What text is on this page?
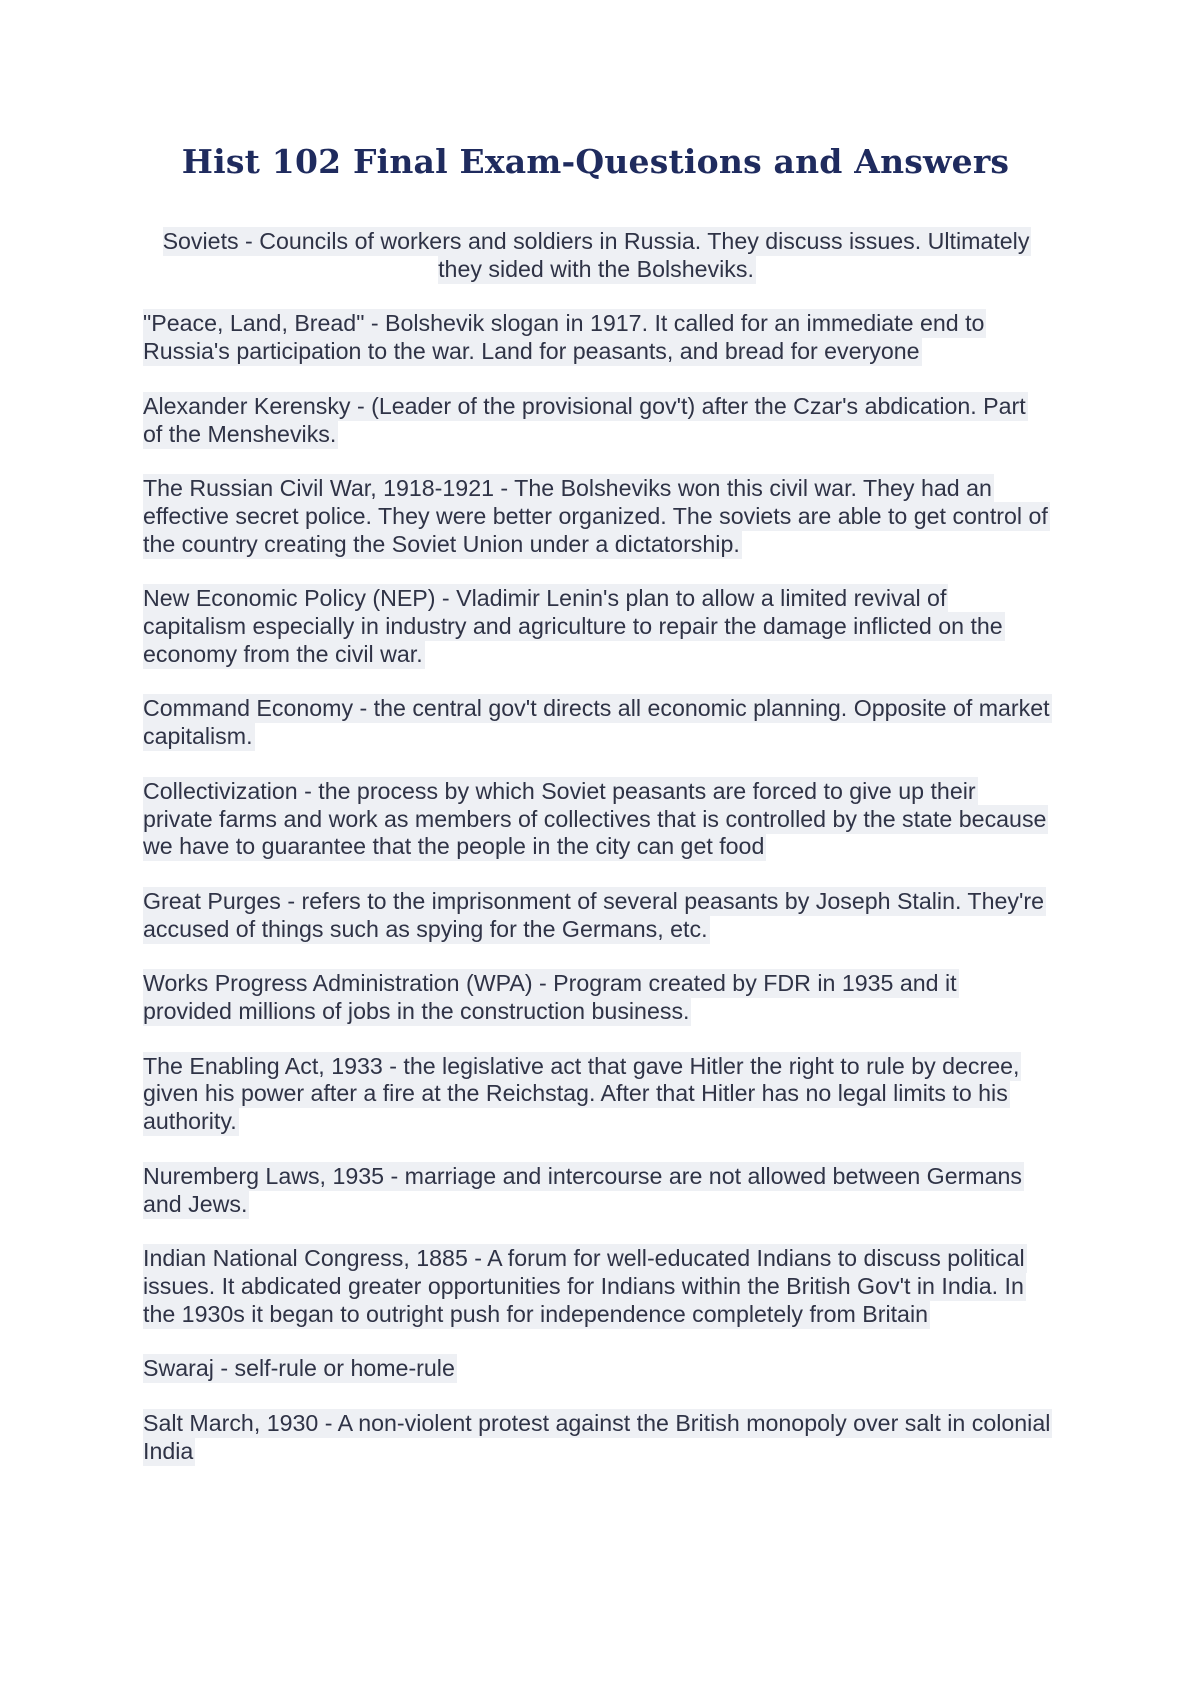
Hist 102 Final Exam-Questions and Answers

Soviets - Councils of workers and soldiers in Russia. They discuss issues. Ultimately they sided with the Bolsheviks.

"Peace, Land, Bread" - Bolshevik slogan in 1917. It called for an immediate end to Russia's participation to the war. Land for peasants, and bread for everyone

Alexander Kerensky - (Leader of the provisional gov't) after the Czar's abdication. Part of the Mensheviks.

The Russian Civil War, 1918-1921 - The Bolsheviks won this civil war. They had an effective secret police. They were better organized. The soviets are able to get control of the country creating the Soviet Union under a dictatorship.

New Economic Policy (NEP) - Vladimir Lenin's plan to allow a limited revival of capitalism especially in industry and agriculture to repair the damage inflicted on the economy from the civil war.

Command Economy - the central gov't directs all economic planning. Opposite of market capitalism.

Collectivization - the process by which Soviet peasants are forced to give up their private farms and work as members of collectives that is controlled by the state because we have to guarantee that the people in the city can get food

Great Purges - refers to the imprisonment of several peasants by Joseph Stalin. They're accused of things such as spying for the Germans, etc.

Works Progress Administration (WPA) - Program created by FDR in 1935 and it provided millions of jobs in the construction business.

The Enabling Act, 1933 - the legislative act that gave Hitler the right to rule by decree, given his power after a fire at the Reichstag. After that Hitler has no legal limits to his authority.

Nuremberg Laws, 1935 - marriage and intercourse are not allowed between Germans and Jews.

Indian National Congress, 1885 - A forum for well-educated Indians to discuss political issues. It abdicated greater opportunities for Indians within the British Gov't in India. In the 1930s it began to outright push for independence completely from Britain

Swaraj - self-rule or home-rule

Salt March, 1930 - A non-violent protest against the British monopoly over salt in colonial India
